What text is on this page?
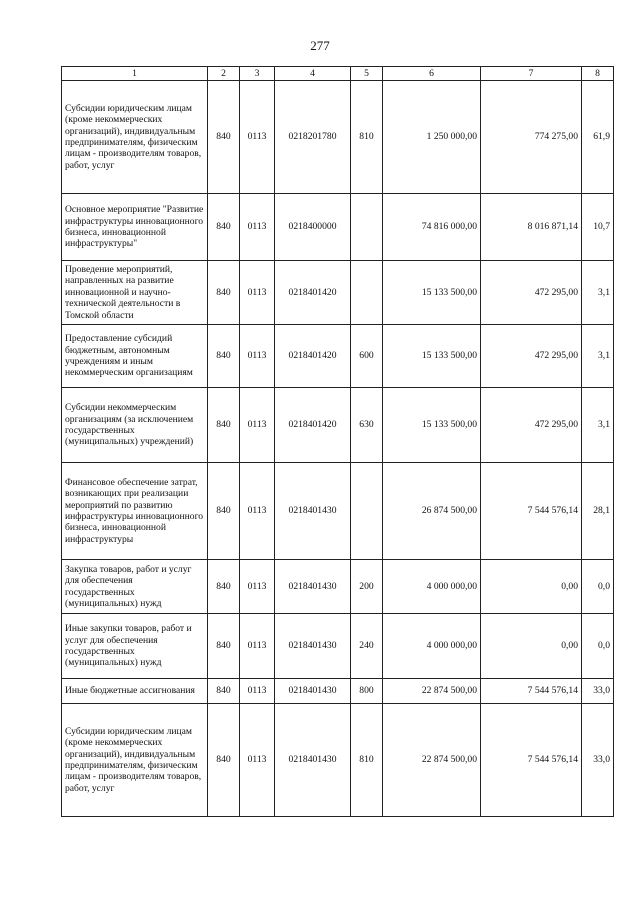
277
1	2	3	4	5	6	7	8
Субсидии юридическим лицам (кроме некоммерческих организаций), индивидуальным предпринимателям, физическим лицам - производителям товаров, работ, услуг	840	0113	0218201780	810	1 250 000,00	774 275,00	61,9
Основное мероприятие "Развитие инфраструктуры инновационного бизнеса, инновационной инфраструктуры"	840	0113	0218400000		74 816 000,00	8 016 871,14	10,7
Проведение мероприятий, направленных на развитие инновационной и научно-технической деятельности в Томской области	840	0113	0218401420		15 133 500,00	472 295,00	3,1
Предоставление субсидий бюджетным, автономным учреждениям и иным некоммерческим организациям	840	0113	0218401420	600	15 133 500,00	472 295,00	3,1
Субсидии некоммерческим организациям (за исключением государственных (муниципальных) учреждений)	840	0113	0218401420	630	15 133 500,00	472 295,00	3,1
Финансовое обеспечение затрат, возникающих при реализации мероприятий по развитию инфраструктуры инновационного бизнеса, инновационной инфраструктуры	840	0113	0218401430		26 874 500,00	7 544 576,14	28,1
Закупка товаров, работ и услуг для обеспечения государственных (муниципальных) нужд	840	0113	0218401430	200	4 000 000,00	0,00	0,0
Иные закупки товаров, работ и услуг для обеспечения государственных (муниципальных) нужд	840	0113	0218401430	240	4 000 000,00	0,00	0,0
Иные бюджетные ассигнования	840	0113	0218401430	800	22 874 500,00	7 544 576,14	33,0
Субсидии юридическим лицам (кроме некоммерческих организаций), индивидуальным предпринимателям, физическим лицам - производителям товаров, работ, услуг	840	0113	0218401430	810	22 874 500,00	7 544 576,14	33,0
